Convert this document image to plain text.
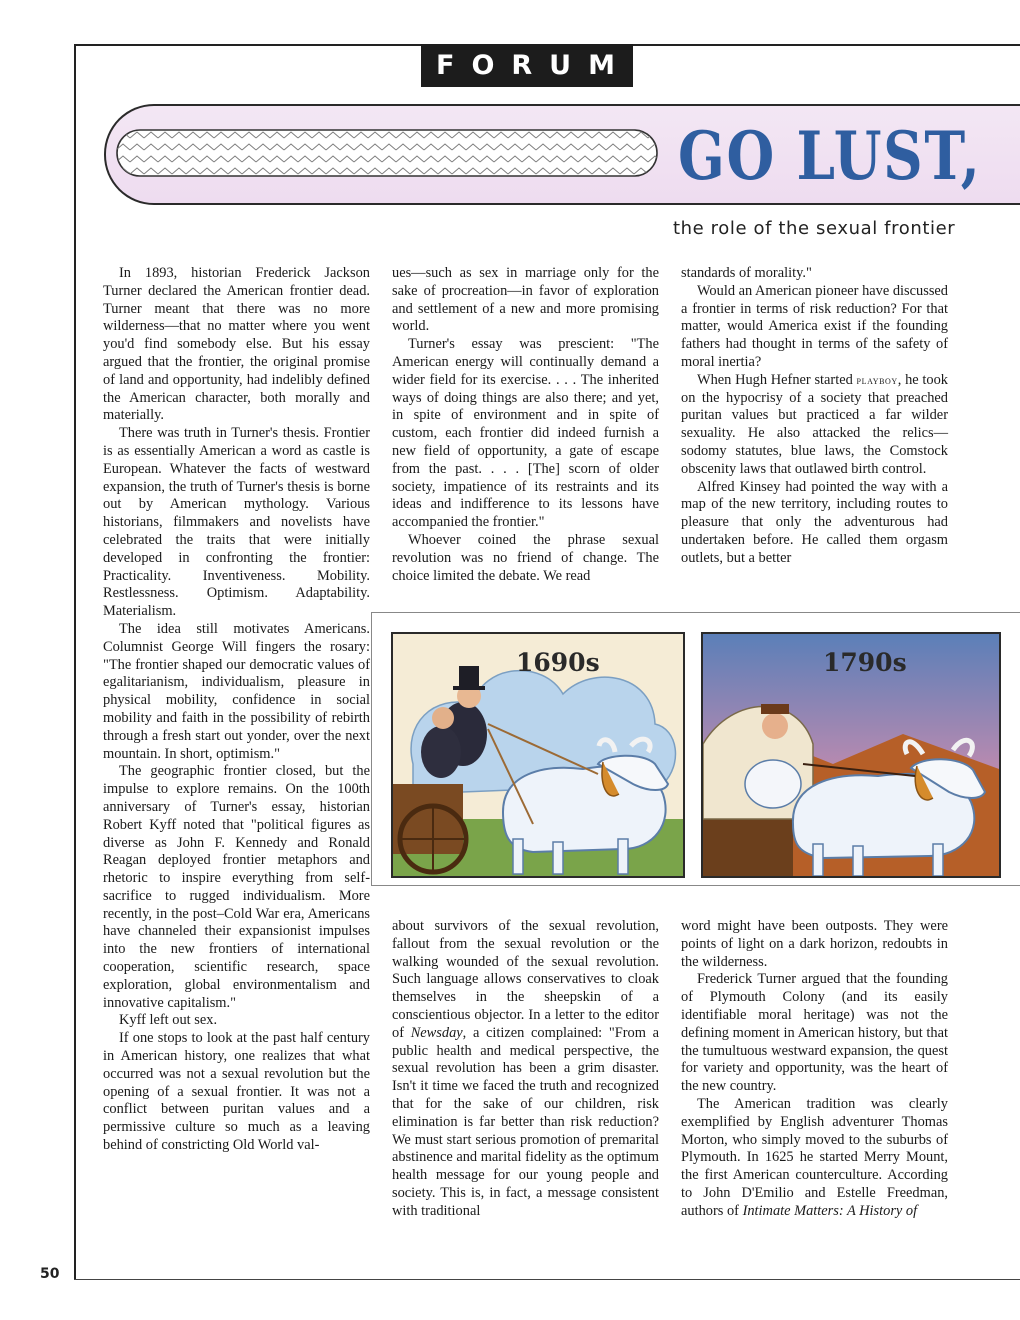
FORUM
GO LUST,
the role of the sexual frontier

In 1893, historian Frederick Jackson Turner declared the American frontier dead. Turner meant that there was no more wilderness—that no matter where you went you'd find somebody else. But his essay argued that the frontier, the original promise of land and opportunity, had indelibly defined the American character, both morally and materially.

There was truth in Turner's thesis. Frontier is as essentially American a word as castle is European. Whatever the facts of westward expansion, the truth of Turner's thesis is borne out by American mythology. Various historians, filmmakers and novelists have celebrated the traits that were initially developed in confronting the frontier: Practicality. Inventiveness. Mobility. Restlessness. Optimism. Adaptability. Materialism.

The idea still motivates Americans. Columnist George Will fingers the rosary: "The frontier shaped our democratic values of egalitarianism, individualism, pleasure in physical mobility, confidence in social mobility and faith in the possibility of rebirth through a fresh start out yonder, over the next mountain. In short, optimism."

The geographic frontier closed, but the impulse to explore remains. On the 100th anniversary of Turner's essay, historian Robert Kyff noted that "political figures as diverse as John F. Kennedy and Ronald Reagan deployed frontier metaphors and rhetoric to inspire everything from self-sacrifice to rugged individualism. More recently, in the post–Cold War era, Americans have channeled their expansionist impulses into the new frontiers of international cooperation, scientific research, space exploration, global environmentalism and innovative capitalism."

Kyff left out sex.

If one stops to look at the past half century in American history, one realizes that what occurred was not a sexual revolution but the opening of a sexual frontier. It was not a conflict between puritan values and a permissive culture so much as a leaving behind of constricting Old World val-

ues—such as sex in marriage only for the sake of procreation—in favor of exploration and settlement of a new and more promising world.

Turner's essay was prescient: "The American energy will continually demand a wider field for its exercise. . . . The inherited ways of doing things are also there; and yet, in spite of environment and in spite of custom, each frontier did indeed furnish a new field of opportunity, a gate of escape from the past. . . . [The] scorn of older society, impatience of its restraints and its ideas and indifference to its lessons have accompanied the frontier."

Whoever coined the phrase sexual revolution was no friend of change. The choice limited the debate. We read

standards of morality."

Would an American pioneer have discussed a frontier in terms of risk reduction? For that matter, would America exist if the founding fathers had thought in terms of the safety of moral inertia?

When Hugh Hefner started playboy, he took on the hypocrisy of a society that preached puritan values but practiced a far wilder sexuality. He also attacked the relics—sodomy statutes, blue laws, the Comstock obscenity laws that outlawed birth control.

Alfred Kinsey had pointed the way with a map of the new territory, including routes to pleasure that only the adventurous had undertaken before. He called them orgasm outlets, but a better

1690s	1790s

about survivors of the sexual revolution, fallout from the sexual revolution or the walking wounded of the sexual revolution. Such language allows conservatives to cloak themselves in the sheepskin of a conscientious objector. In a letter to the editor of Newsday, a citizen complained: "From a public health and medical perspective, the sexual revolution has been a grim disaster. Isn't it time we faced the truth and recognized that for the sake of our children, risk elimination is far better than risk reduction? We must start serious promotion of premarital abstinence and marital fidelity as the optimum health message for our young people and society. This is, in fact, a message consistent with traditional

word might have been outposts. They were points of light on a dark horizon, redoubts in the wilderness.

Frederick Turner argued that the founding of Plymouth Colony (and its easily identifiable moral heritage) was not the defining moment in American history, but that the tumultuous westward expansion, the quest for variety and opportunity, was the heart of the new country.

The American tradition was clearly exemplified by English adventurer Thomas Morton, who simply moved to the suburbs of Plymouth. In 1625 he started Merry Mount, the first American counterculture. According to John D'Emilio and Estelle Freedman, authors of Intimate Matters: A History of

50
